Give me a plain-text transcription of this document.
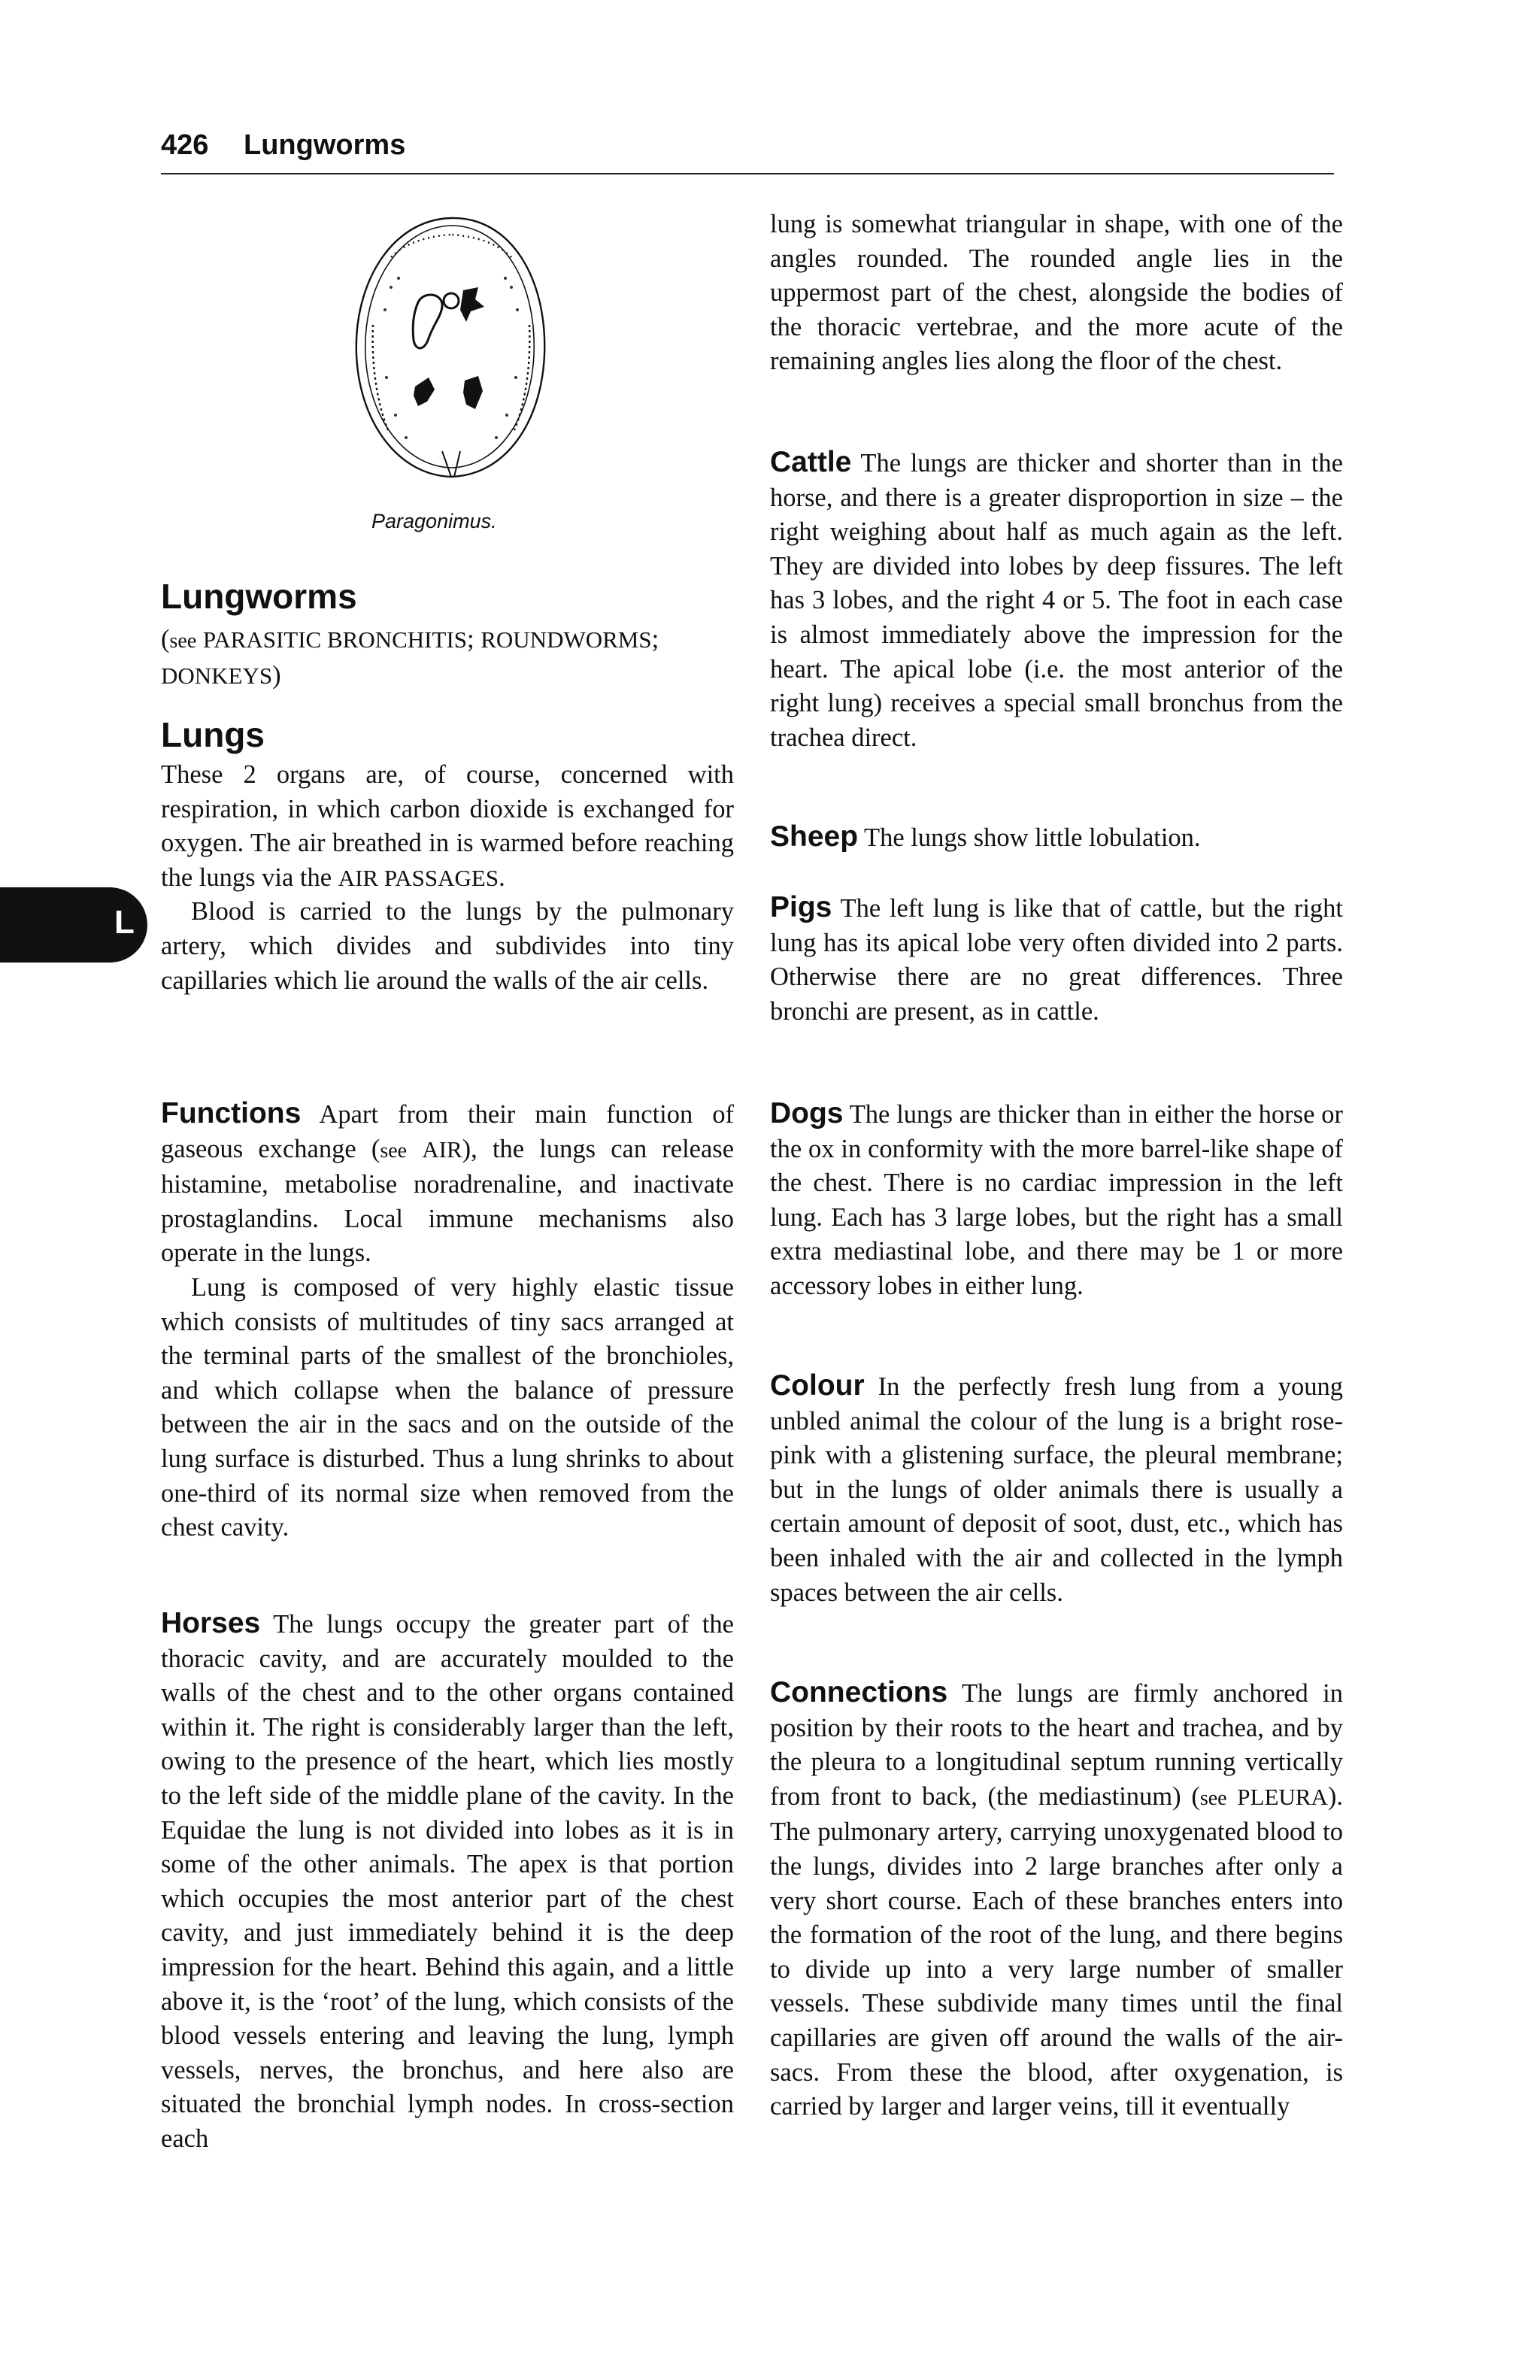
426 Lungworms
L
Paragonimus.
Lungworms
(see PARASITIC BRONCHITIS; ROUNDWORMS;
DONKEYS)
Lungs

These 2 organs are, of course, concerned with respiration, in which carbon dioxide is exchanged for oxygen. The air breathed in is warmed before reaching the lungs via the AIR PASSAGES.

Blood is carried to the lungs by the pulmonary artery, which divides and subdivides into tiny capillaries which lie around the walls of the air cells.

Functions Apart from their main function of gaseous exchange (see AIR), the lungs can release histamine, metabolise noradrenaline, and inactivate prostaglandins. Local immune mechanisms also operate in the lungs.

Lung is composed of very highly elastic tissue which consists of multitudes of tiny sacs arranged at the terminal parts of the smallest of the bronchioles, and which collapse when the balance of pressure between the air in the sacs and on the outside of the lung surface is disturbed. Thus a lung shrinks to about one-third of its normal size when removed from the chest cavity.

Horses The lungs occupy the greater part of the thoracic cavity, and are accurately moulded to the walls of the chest and to the other organs contained within it. The right is considerably larger than the left, owing to the presence of the heart, which lies mostly to the left side of the middle plane of the cavity. In the Equidae the lung is not divided into lobes as it is in some of the other animals. The apex is that portion which occupies the most anterior part of the chest cavity, and just immediately behind it is the deep impression for the heart. Behind this again, and a little above it, is the ‘root’ of the lung, which consists of the blood vessels entering and leaving the lung, lymph vessels, nerves, the bronchus, and here also are situated the bronchial lymph nodes. In cross-section each

lung is somewhat triangular in shape, with one of the angles rounded. The rounded angle lies in the uppermost part of the chest, alongside the bodies of the thoracic vertebrae, and the more acute of the remaining angles lies along the floor of the chest.

Cattle The lungs are thicker and shorter than in the horse, and there is a greater disproportion in size – the right weighing about half as much again as the left. They are divided into lobes by deep fissures. The left has 3 lobes, and the right 4 or 5. The foot in each case is almost immediately above the impression for the heart. The apical lobe (i.e. the most anterior of the right lung) receives a special small bronchus from the trachea direct.

Sheep The lungs show little lobulation.

Pigs The left lung is like that of cattle, but the right lung has its apical lobe very often divided into 2 parts. Otherwise there are no great differences. Three bronchi are present, as in cattle.

Dogs The lungs are thicker than in either the horse or the ox in conformity with the more barrel-like shape of the chest. There is no cardiac impression in the left lung. Each has 3 large lobes, but the right has a small extra mediastinal lobe, and there may be 1 or more accessory lobes in either lung.

Colour In the perfectly fresh lung from a young unbled animal the colour of the lung is a bright rose-pink with a glistening surface, the pleural membrane; but in the lungs of older animals there is usually a certain amount of deposit of soot, dust, etc., which has been inhaled with the air and collected in the lymph spaces between the air cells.

Connections The lungs are firmly anchored in position by their roots to the heart and trachea, and by the pleura to a longitudinal septum running vertically from front to back, (the mediastinum) (see PLEURA). The pulmonary artery, carrying unoxygenated blood to the lungs, divides into 2 large branches after only a very short course. Each of these branches enters into the formation of the root of the lung, and there begins to divide up into a very large number of smaller vessels. These subdivide many times until the final capillaries are given off around the walls of the air-sacs. From these the blood, after oxygenation, is carried by larger and larger veins, till it eventually
